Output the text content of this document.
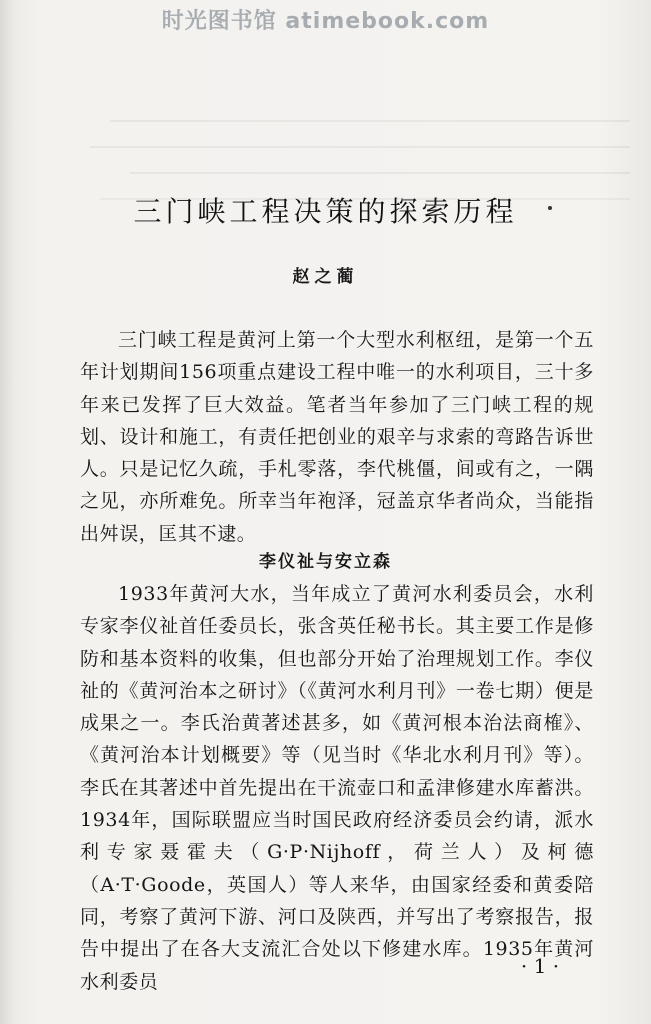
时光图书馆 atimebook.com
三门峡工程决策的探索历程
赵之蔺

三门峡工程是黄河上第一个大型水利枢纽，是第一个五年计划期间156项重点建设工程中唯一的水利项目，三十多年来已发挥了巨大效益。笔者当年参加了三门峡工程的规划、设计和施工，有责任把创业的艰辛与求索的弯路告诉世人。只是记忆久疏，手札零落，李代桃僵，间或有之，一隅之见，亦所难免。所幸当年袍泽，冠盖京华者尚众，当能指出舛误，匡其不逮。

李仪祉与安立森

1933年黄河大水，当年成立了黄河水利委员会，水利专家李仪祉首任委员长，张含英任秘书长。其主要工作是修防和基本资料的收集，但也部分开始了治理规划工作。李仪祉的《黄河治本之研讨》（《黄河水利月刊》一卷七期）便是成果之一。李氏治黄著述甚多，如《黄河根本治法商榷》、《黄河治本计划概要》等（见当时《华北水利月刊》等）。李氏在其著述中首先提出在干流壶口和孟津修建水库蓄洪。1934年，国际联盟应当时国民政府经济委员会约请，派水利专家聂霍夫（G·P·Nijhoff，荷兰人）及柯德（A·T·Goode，英国人）等人来华，由国家经委和黄委陪同，考察了黄河下游、河口及陕西，并写出了考察报告，报告中提出了在各大支流汇合处以下修建水库。1935年黄河水利委员

· 1 ·
